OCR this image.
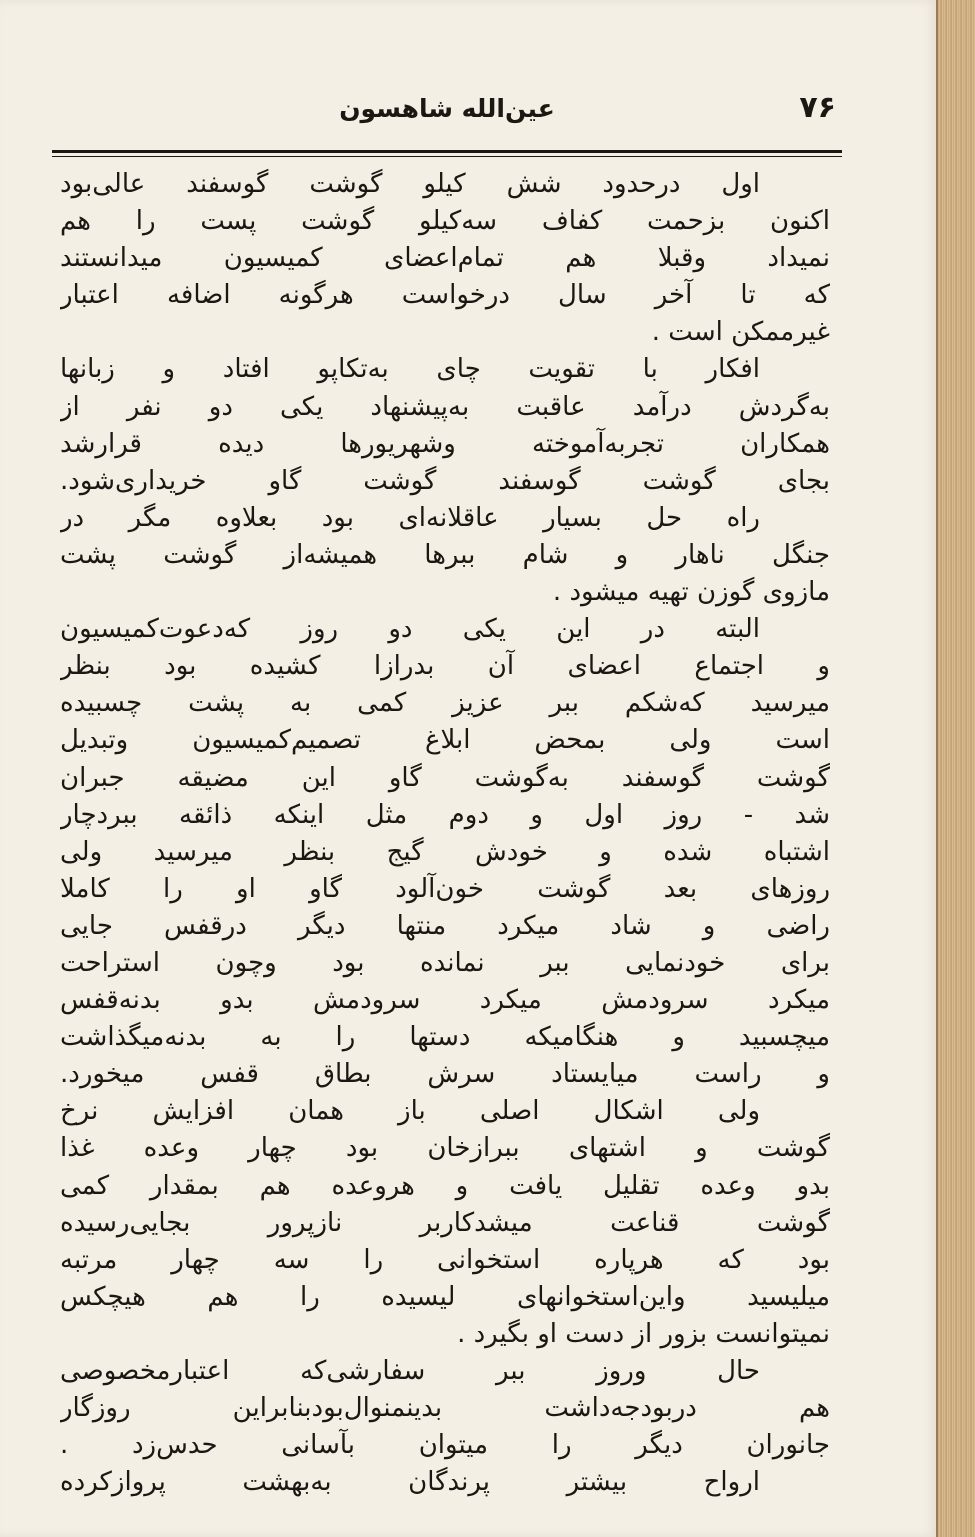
۷۶
عین‌الله شاهسون
اول درحدود شش کیلو گوشت گوسفند عالی‌بود
اکنون بزحمت کفاف سه‌کیلو گوشت پست را هم
نمیداد وقبلا هم تمام‌اعضای کمیسیون میدانستند
که تا آخر سال درخواست هرگونه اضافه اعتبار
غیرممکن است .
افکار با تقویت چای به‌تکاپو افتاد و زبانها
به‌گردش درآمد عاقبت به‌پیشنهاد یکی دو نفر از
همکاران تجربه‌آموخته وشهریورها دیده قرارشد
بجای گوشت گوسفند گوشت گاو خریداری‌شود.
راه حل بسیار عاقلانه‌ای بود بعلاوه مگر در
جنگل ناهار و شام ببرها همیشه‌از گوشت پشت
مازوی گوزن تهیه میشود .
البته در این یکی دو روز که‌دعوت‌کمیسیون
و اجتماع اعضای آن بدرازا کشیده بود بنظر
میرسید که‌شکم ببر عزیز کمی به پشت چسبیده
است ولی بمحض ابلاغ تصمیم‌کمیسیون وتبدیل
گوشت گوسفند به‌گوشت گاو این مضیقه جبران
شد - روز اول و دوم مثل اینکه ذائقه ببردچار
اشتباه شده و خودش گیج بنظر میرسید ولی
روزهای بعد گوشت خون‌آلود گاو او را کاملا
راضی و شاد میکرد منتها دیگر درقفس جایی
برای خودنمایی ببر نمانده بود وچون استراحت
میکرد سرودمش میکرد سرودمش بدو بدنه‌قفس
میچسبید و هنگامیکه دستها را به بدنه‌میگذاشت
و راست میایستاد سرش بطاق قفس میخورد.
ولی اشکال اصلی باز همان افزایش نرخ
گوشت و اشتهای ببرازخان بود چهار وعده غذا
بدو وعده تقلیل یافت و هروعده هم بمقدار کمی
گوشت قناعت میشدکاربر نازپرور بجایی‌رسیده
بود که هرپاره استخوانی را سه چهار مرتبه
میلیسید واین‌استخوانهای لیسیده را هم هیچکس
نمیتوانست بزور از دست او بگیرد .
حال وروز ببر سفارشی‌که اعتبارمخصوصی
هم دربودجه‌داشت بدینمنوال‌بودبنابراین روزگار
جانوران دیگر را میتوان بآسانی حدس‌زد .
ارواح بیشتر پرندگان به‌بهشت پروازکرده
